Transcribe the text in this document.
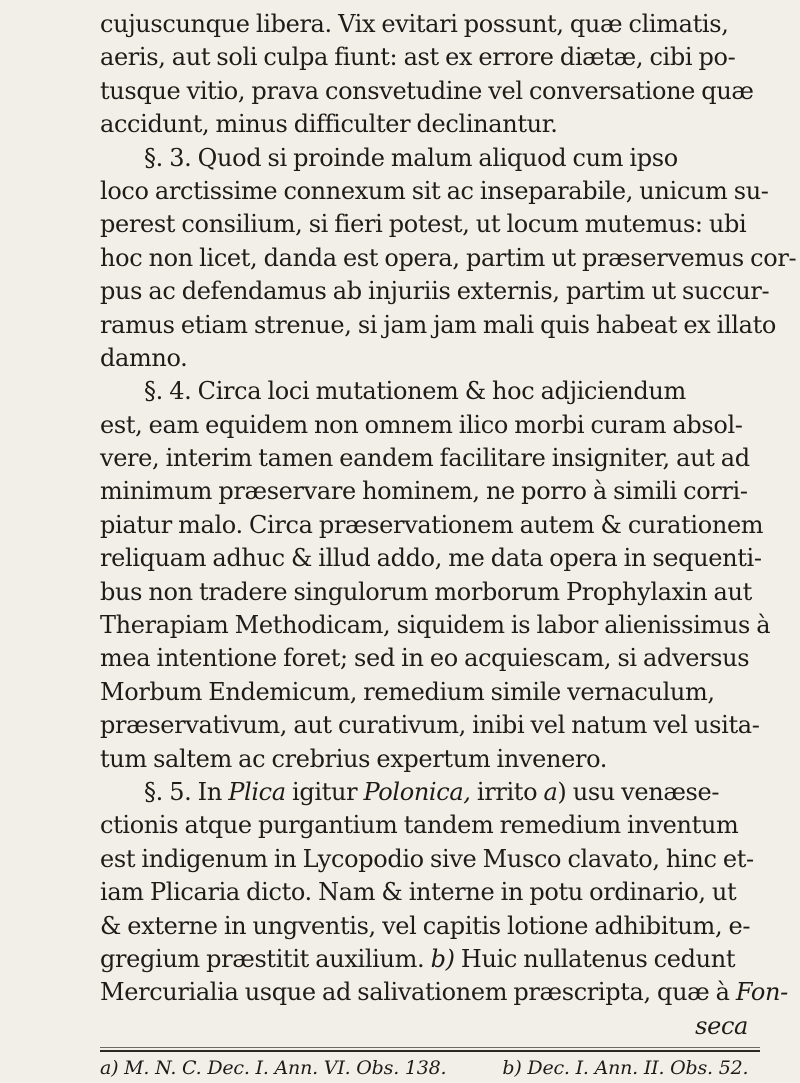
cujuscunque libera. Vix evitari possunt, quæ climatis,
aeris, aut soli culpa fiunt: ast ex errore diætæ, cibi po-
tusque vitio, prava consvetudine vel conversatione quæ
accidunt, minus difficulter declinantur.
§. 3. Quod si proinde malum aliquod cum ipso
loco arctissime connexum sit ac inseparabile, unicum su-
perest consilium, si fieri potest, ut locum mutemus: ubi
hoc non licet, danda est opera, partim ut præservemus cor-
pus ac defendamus ab injuriis externis, partim ut succur-
ramus etiam strenue, si jam jam mali quis habeat ex illato
damno.
§. 4. Circa loci mutationem & hoc adjiciendum
est, eam equidem non omnem ilico morbi curam absol-
vere, interim tamen eandem facilitare insigniter, aut ad
minimum præservare hominem, ne porro à simili corri-
piatur malo. Circa præservationem autem & curationem
reliquam adhuc & illud addo, me data opera in sequenti-
bus non tradere singulorum morborum Prophylaxin aut
Therapiam Methodicam, siquidem is labor alienissimus à
mea intentione foret; sed in eo acquiescam, si adversus
Morbum Endemicum, remedium simile vernaculum,
præservativum, aut curativum, inibi vel natum vel usita-
tum saltem ac crebrius expertum invenero.
§. 5. In Plica igitur Polonica, irrito a) usu venæse-
ctionis atque purgantium tandem remedium inventum
est indigenum in Lycopodio sive Musco clavato, hinc et-
iam Plicaria dicto. Nam & interne in potu ordinario, ut
& externe in ungventis, vel capitis lotione adhibitum, e-
gregium præstitit auxilium. b) Huic nullatenus cedunt
Mercurialia usque ad salivationem præscripta, quæ à Fon-
seca
a) M. N. C. Dec. I. Ann. VI. Obs. 138.	b) Dec. I. Ann. II. Obs. 52.
